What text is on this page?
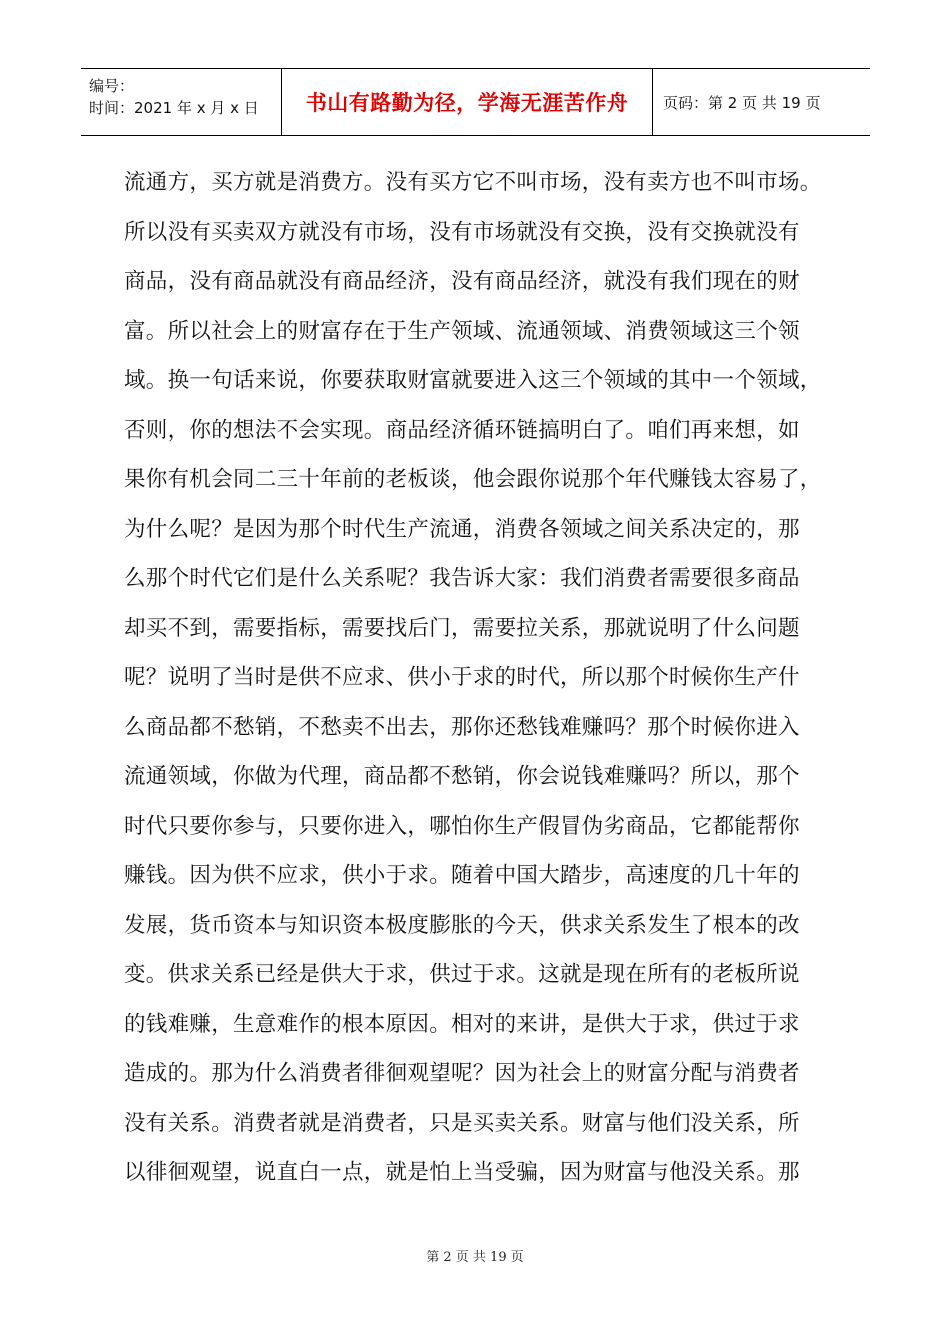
编号：
时间：2021 年 x 月 x 日	书山有路勤为径，学海无涯苦作舟 页码：第 2 页 共 19 页
流通方，买方就是消费方。没有买方它不叫市场，没有卖方也不叫市场。
所以没有买卖双方就没有市场，没有市场就没有交换，没有交换就没有
商品，没有商品就没有商品经济，没有商品经济，就没有我们现在的财
富。所以社会上的财富存在于生产领域、流通领域、消费领域这三个领
域。换一句话来说，你要获取财富就要进入这三个领域的其中一个领域，
否则，你的想法不会实现。商品经济循环链搞明白了。咱们再来想，如
果你有机会同二三十年前的老板谈，他会跟你说那个年代赚钱太容易了，
为什么呢？是因为那个时代生产流通，消费各领域之间关系决定的，那
么那个时代它们是什么关系呢？我告诉大家：我们消费者需要很多商品
却买不到，需要指标，需要找后门，需要拉关系，那就说明了什么问题
呢？说明了当时是供不应求、供小于求的时代，所以那个时候你生产什
么商品都不愁销，不愁卖不出去，那你还愁钱难赚吗？那个时候你进入
流通领域，你做为代理，商品都不愁销，你会说钱难赚吗？所以，那个
时代只要你参与，只要你进入，哪怕你生产假冒伪劣商品，它都能帮你
赚钱。因为供不应求，供小于求。随着中国大踏步，高速度的几十年的
发展，货币资本与知识资本极度膨胀的今天，供求关系发生了根本的改
变。供求关系已经是供大于求，供过于求。这就是现在所有的老板所说
的钱难赚，生意难作的根本原因。相对的来讲，是供大于求，供过于求
造成的。那为什么消费者徘徊观望呢？因为社会上的财富分配与消费者
没有关系。消费者就是消费者，只是买卖关系。财富与他们没关系，所
以徘徊观望，说直白一点，就是怕上当受骗，因为财富与他没关系。那
第 2 页 共 19 页
